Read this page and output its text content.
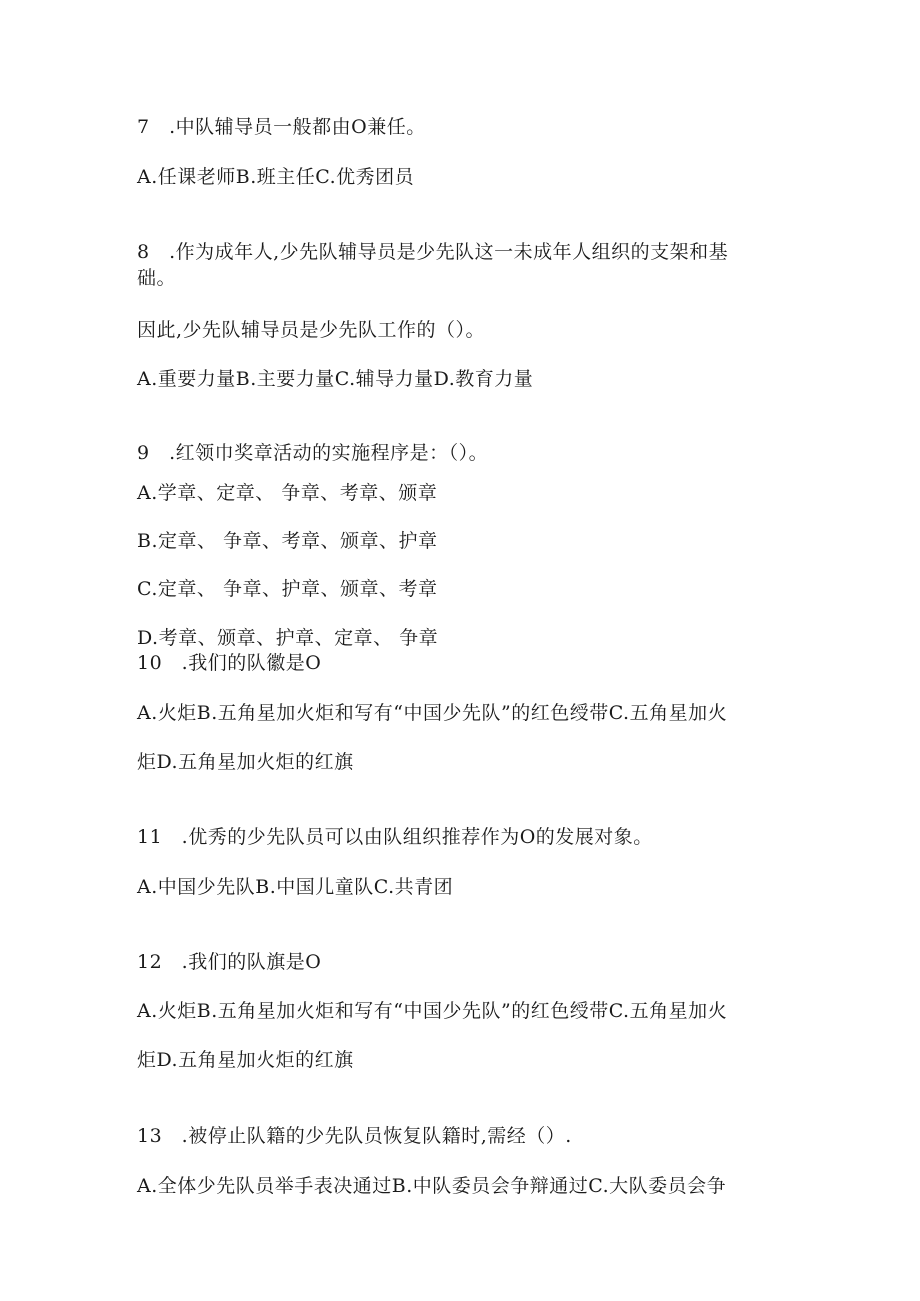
7　.中队辅导员一般都由O兼任。
A.任课老师B.班主任C.优秀团员
8　.作为成年人,少先队辅导员是少先队这一未成年人组织的支架和基
础。
因此,少先队辅导员是少先队工作的（）。
A.重要力量B.主要力量C.辅导力量D.教育力量
9　.红领巾奖章活动的实施程序是：（）。
A.学章、定章、 争章、考章、颁章
B.定章、 争章、考章、颁章、护章
C.定章、 争章、护章、颁章、考章
D.考章、颁章、护章、定章、 争章
10　.我们的队徽是O
A.火炬B.五角星加火炬和写有“中国少先队”的红色绶带C.五角星加火
炬D.五角星加火炬的红旗
11　.优秀的少先队员可以由队组织推荐作为O的发展对象。
A.中国少先队B.中国儿童队C.共青团
12　.我们的队旗是O
A.火炬B.五角星加火炬和写有“中国少先队”的红色绶带C.五角星加火
炬D.五角星加火炬的红旗
13　.被停止队籍的少先队员恢复队籍时,需经（）.
A.全体少先队员举手表决通过B.中队委员会争辩通过C.大队委员会争
